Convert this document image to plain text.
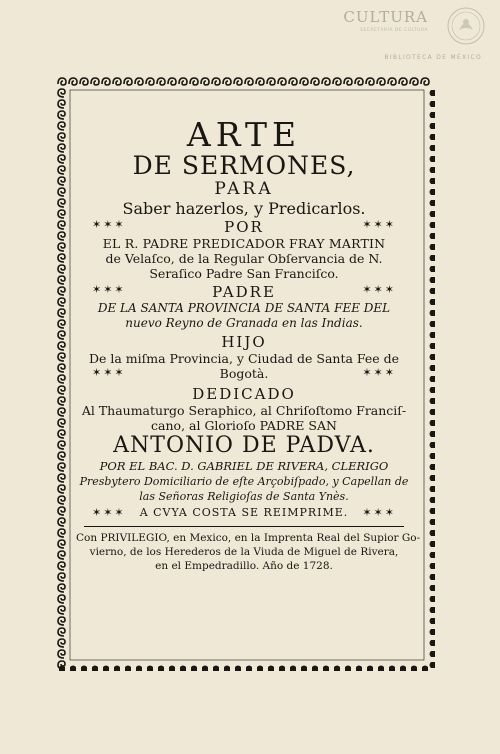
CULTURA
SECRETARÍA DE CULTURA
BIBLIOTECA DE MÉXICO
ARTE
DE SERMONES,
PARA
Saber hazerlos, y Predicarlos.
✶✶✶	POR	✶✶✶
EL R. PADRE PREDICADOR FRAY MARTIN
de Velaſco, de la Regular Obſervancia de N.
Seraſico Padre San Franciſco.
✶✶✶	PADRE	✶✶✶
DE LA SANTA PROVINCIA DE SANTA FEE DEL
nuevo Reyno de Granada en las Indias.
HIJO
De la miſma Provincia, y Ciudad de Santa Fee de
✶✶✶	Bogotà.	✶✶✶
DEDICADO
Al Thaumaturgo Seraphico, al Chriſoſtomo Franciſ-
cano, al Glorioſo PADRE SAN
ANTONIO DE PADVA.
POR EL BAC. D. GABRIEL DE RIVERA, CLERIGO
Presbytero Domiciliario de eſte Arçobiſpado, y Capellan de
las Señoras Religioſas de Santa Ynès.
✶✶✶	A CVYA COSTA SE REIMPRIME.	✶✶✶
Con PRIVILEGIO, en Mexico, en la Imprenta Real del Supior Go-
vierno, de los Herederos de la Viuda de Miguel de Rivera,
en el Empedradillo. Año de 1728.
